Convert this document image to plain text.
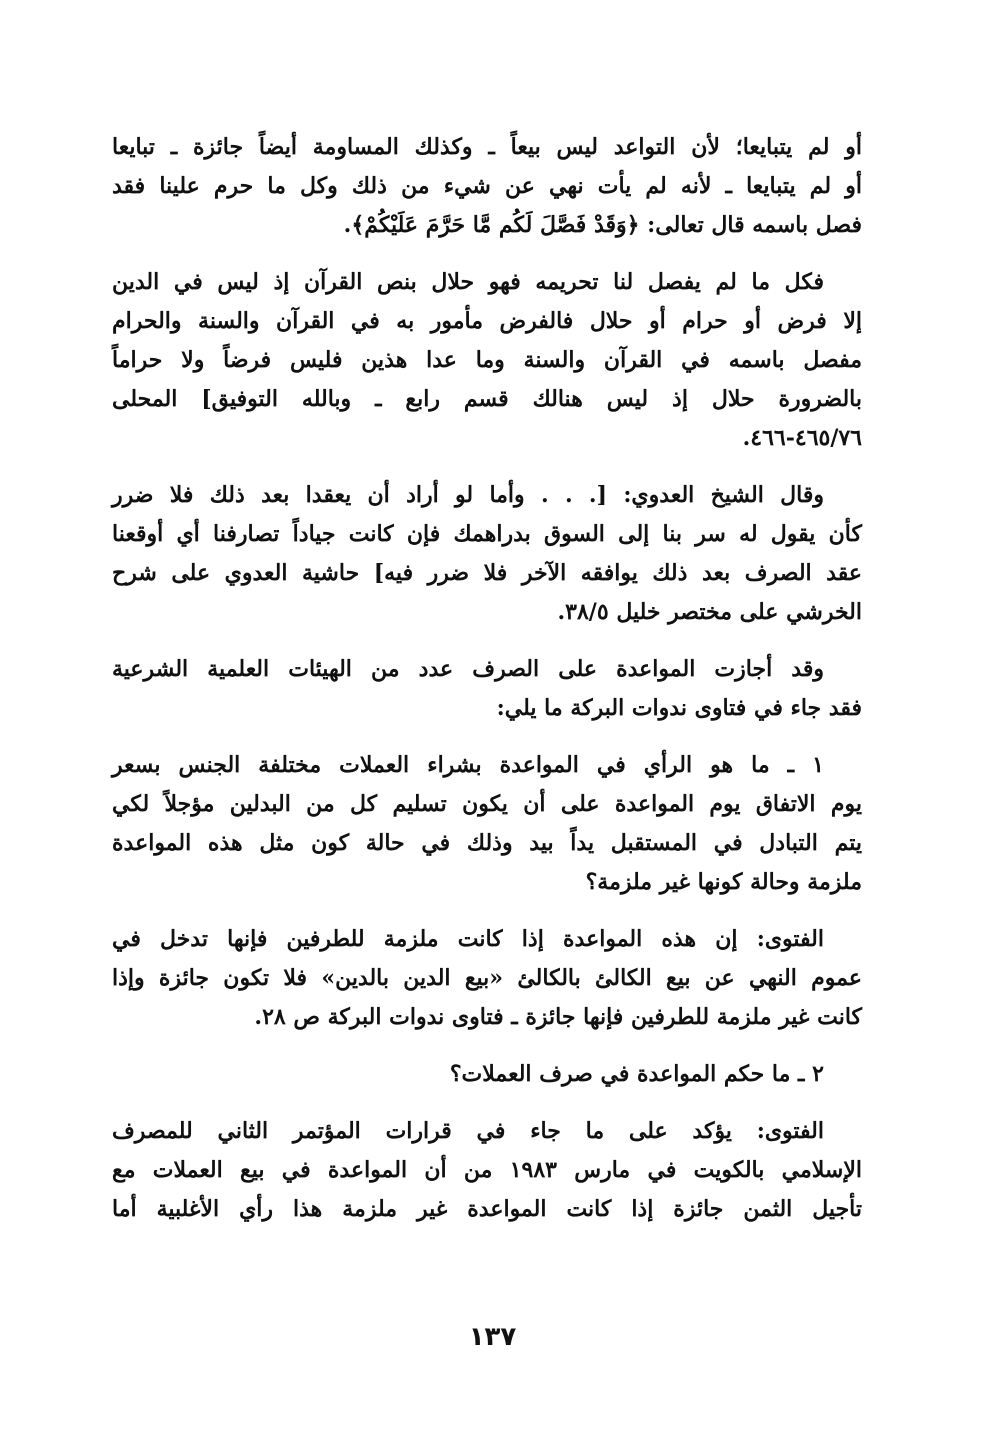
أو لم يتبايعا؛ لأن التواعد ليس بيعاً ـ وكذلك المساومة أيضاً جائزة ـ تبايعا
أو لم يتبايعا ـ لأنه لم يأت نهي عن شيء من ذلك وكل ما حرم علينا فقد
فصل باسمه قال تعالى: ﴿وَقَدْ فَصَّلَ لَكُم مَّا حَرَّمَ عَلَيْكُمْ﴾.

فكل ما لم يفصل لنا تحريمه فهو حلال بنص القرآن إذ ليس في الدين
إلا فرض أو حرام أو حلال فالفرض مأمور به في القرآن والسنة والحرام
مفصل باسمه في القرآن والسنة وما عدا هذين فليس فرضاً ولا حراماً
بالضرورة حلال إذ ليس هنالك قسم رابع ـ وبالله التوفيق] المحلى
٤٦٥/٧٦-٤٦٦.

وقال الشيخ العدوي: [. . . وأما لو أراد أن يعقدا بعد ذلك فلا ضرر
كأن يقول له سر بنا إلى السوق بدراهمك فإن كانت جياداً تصارفنا أي أوقعنا
عقد الصرف بعد ذلك يوافقه الآخر فلا ضرر فيه] حاشية العدوي على شرح
الخرشي على مختصر خليل ٣٨/٥.

وقد أجازت المواعدة على الصرف عدد من الهيئات العلمية الشرعية
فقد جاء في فتاوى ندوات البركة ما يلي:

١ ـ ما هو الرأي في المواعدة بشراء العملات مختلفة الجنس بسعر
يوم الاتفاق يوم المواعدة على أن يكون تسليم كل من البدلين مؤجلاً لكي
يتم التبادل في المستقبل يداً بيد وذلك في حالة كون مثل هذه المواعدة
ملزمة وحالة كونها غير ملزمة؟

الفتوى: إن هذه المواعدة إذا كانت ملزمة للطرفين فإنها تدخل في
عموم النهي عن بيع الكالئ بالكالئ «بيع الدين بالدين» فلا تكون جائزة وإذا
كانت غير ملزمة للطرفين فإنها جائزة ـ فتاوى ندوات البركة ص ٢٨.

٢ ـ ما حكم المواعدة في صرف العملات؟

الفتوى: يؤكد على ما جاء في قرارات المؤتمر الثاني للمصرف
الإسلامي بالكويت في مارس ١٩٨٣ من أن المواعدة في بيع العملات مع
تأجيل الثمن جائزة إذا كانت المواعدة غير ملزمة هذا رأي الأغلبية أما

١٣٧
